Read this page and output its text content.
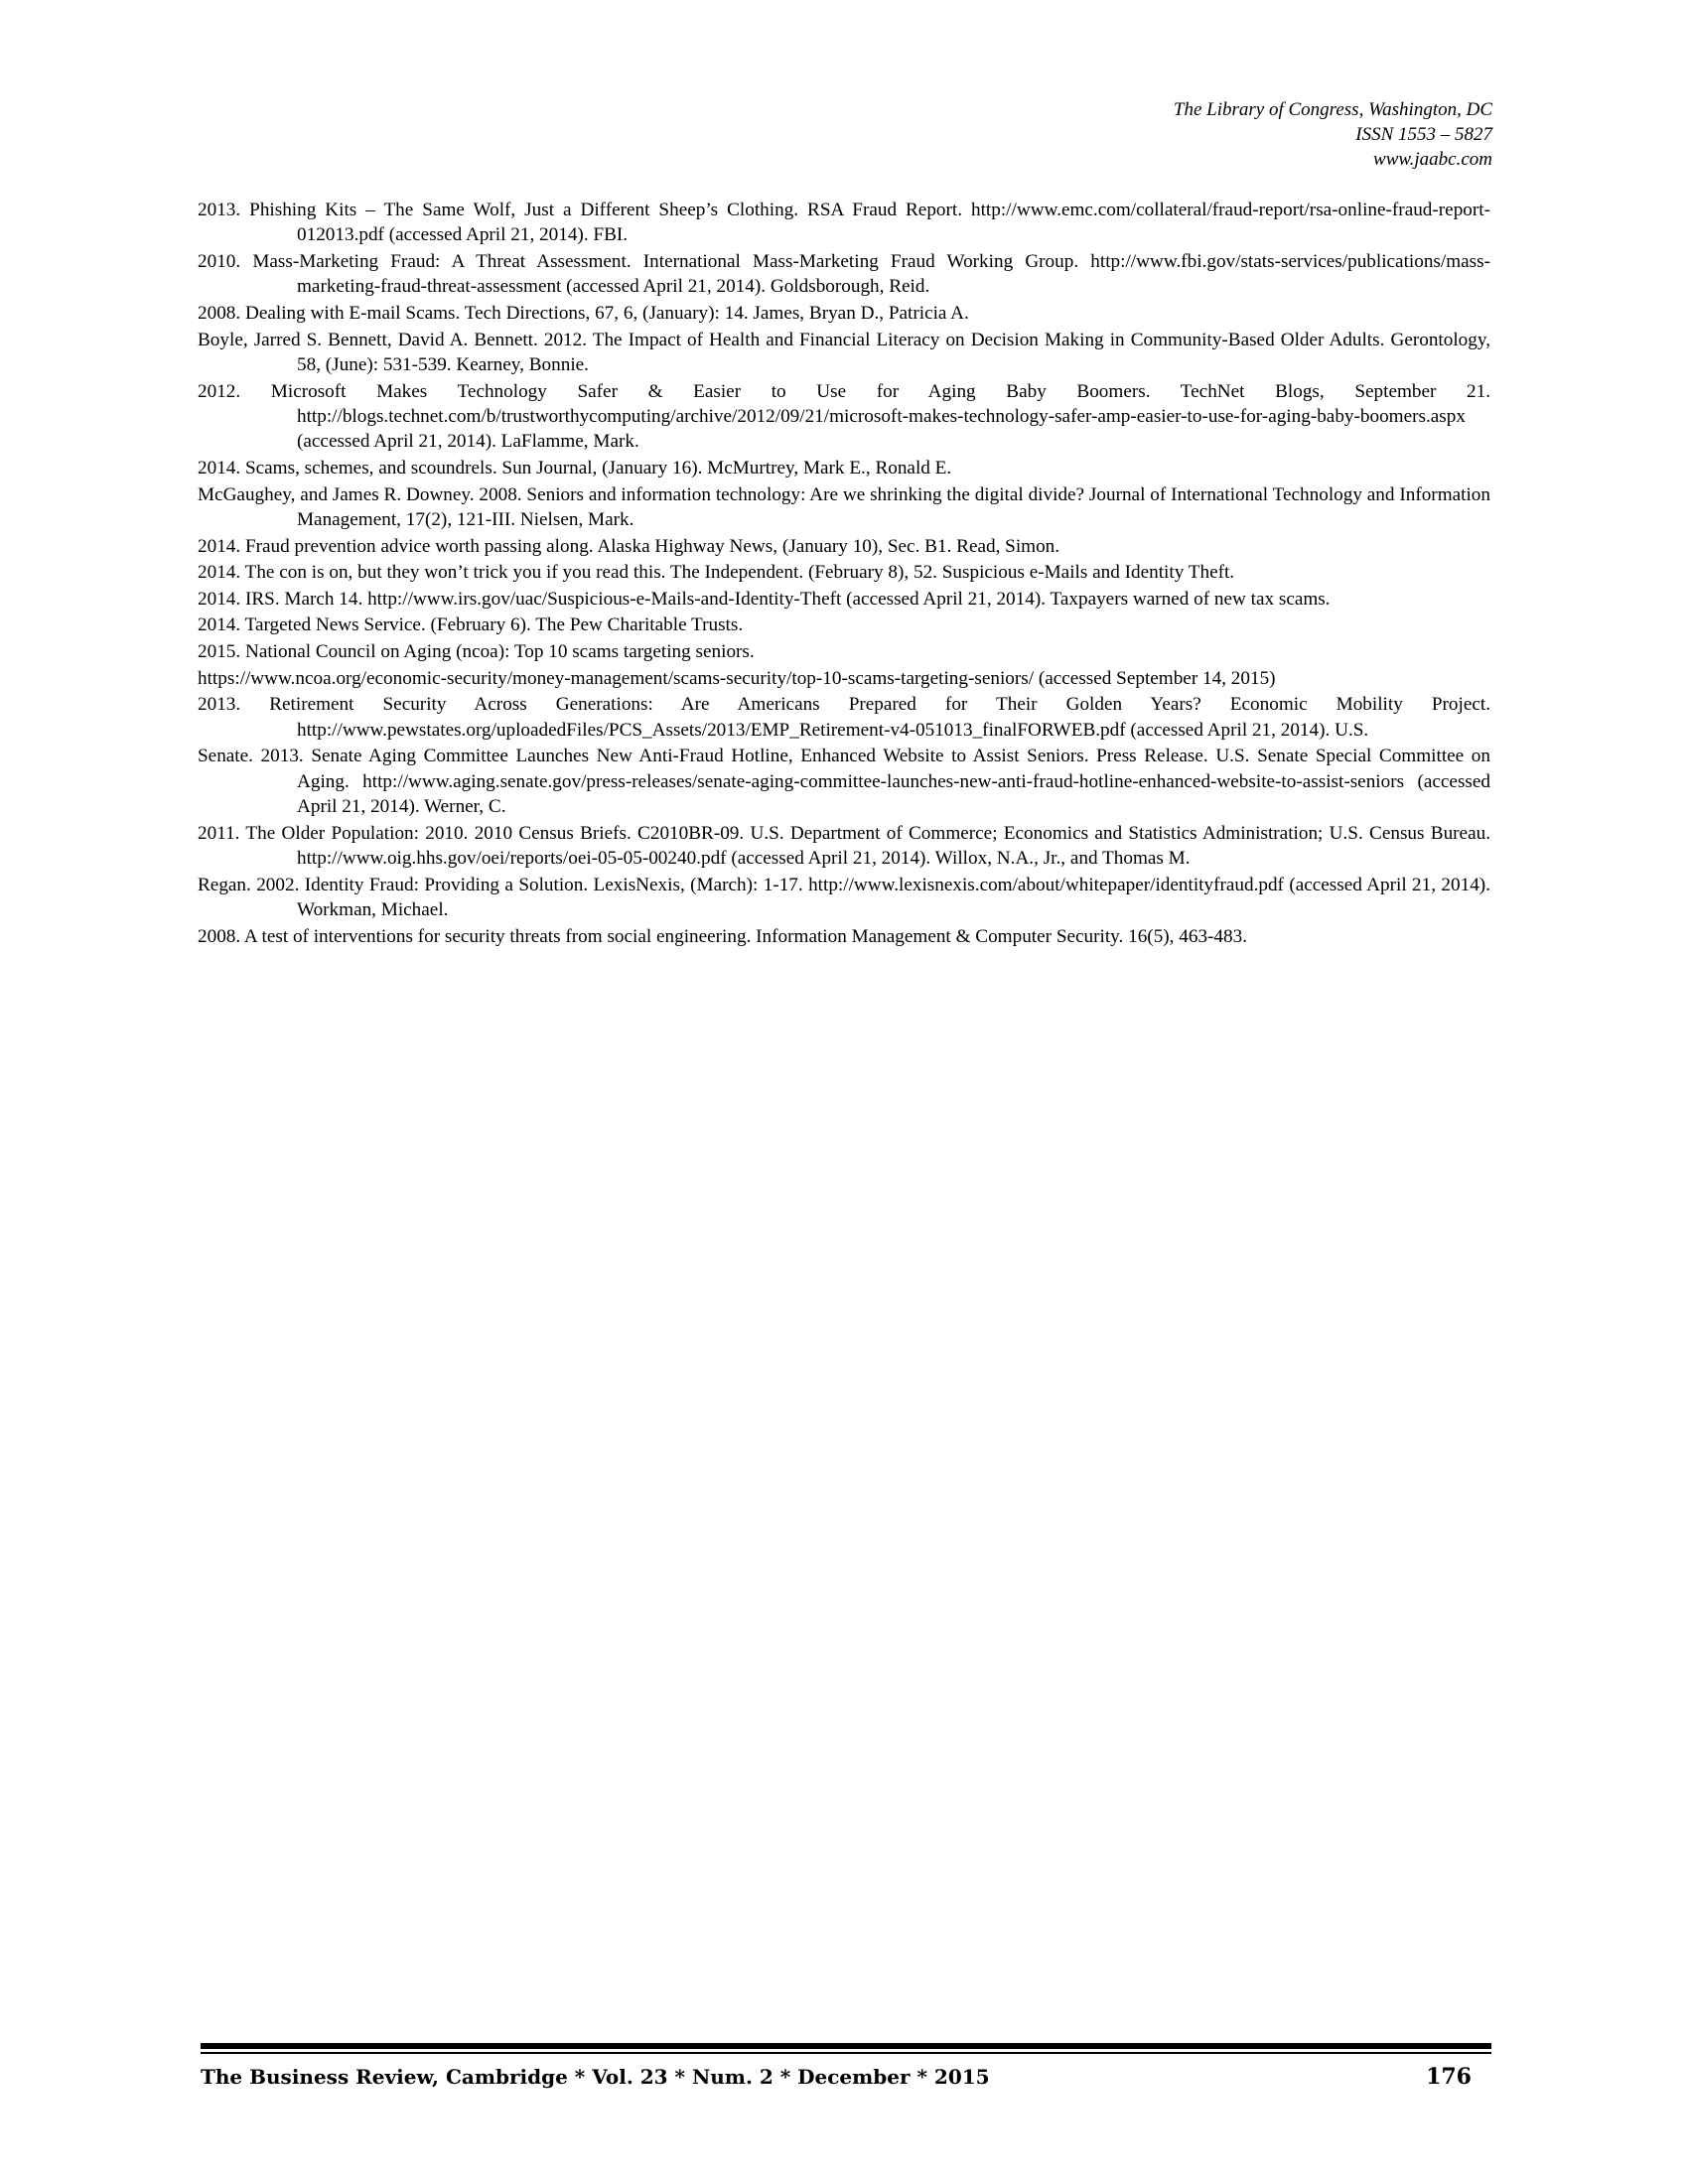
The Library of Congress, Washington, DC
ISSN 1553 – 5827
www.jaabc.com

2013. Phishing Kits – The Same Wolf, Just a Different Sheep’s Clothing. RSA Fraud Report. http://www.emc.com/collateral/fraud-report/rsa-online-fraud-report-012013.pdf (accessed April 21, 2014). FBI.

2010. Mass-Marketing Fraud: A Threat Assessment. International Mass-Marketing Fraud Working Group. http://www.fbi.gov/stats-services/publications/mass-marketing-fraud-threat-assessment (accessed April 21, 2014). Goldsborough, Reid.

2008. Dealing with E-mail Scams. Tech Directions, 67, 6, (January): 14. James, Bryan D., Patricia A.

Boyle, Jarred S. Bennett, David A. Bennett. 2012. The Impact of Health and Financial Literacy on Decision Making in Community-Based Older Adults. Gerontology, 58, (June): 531-539. Kearney, Bonnie.

2012. Microsoft Makes Technology Safer & Easier to Use for Aging Baby Boomers. TechNet Blogs, September 21. http://blogs.technet.com/b/trustworthycomputing/archive/2012/09/21/microsoft-makes-technology-safer-amp-easier-to-use-for-aging-baby-boomers.aspx (accessed April 21, 2014). LaFlamme, Mark.

2014. Scams, schemes, and scoundrels. Sun Journal, (January 16). McMurtrey, Mark E., Ronald E.

McGaughey, and James R. Downey. 2008. Seniors and information technology: Are we shrinking the digital divide? Journal of International Technology and Information Management, 17(2), 121-III. Nielsen, Mark.

2014. Fraud prevention advice worth passing along. Alaska Highway News, (January 10), Sec. B1. Read, Simon.

2014. The con is on, but they won’t trick you if you read this. The Independent. (February 8), 52. Suspicious e-Mails and Identity Theft.

2014. IRS. March 14. http://www.irs.gov/uac/Suspicious-e-Mails-and-Identity-Theft (accessed April 21, 2014). Taxpayers warned of new tax scams.

2014. Targeted News Service. (February 6). The Pew Charitable Trusts.

2015. National Council on Aging (ncoa): Top 10 scams targeting seniors.

https://www.ncoa.org/economic-security/money-management/scams-security/top-10-scams-targeting-seniors/ (accessed September 14, 2015)

2013. Retirement Security Across Generations: Are Americans Prepared for Their Golden Years? Economic Mobility Project. http://www.pewstates.org/uploadedFiles/PCS_Assets/2013/EMP_Retirement-v4-051013_finalFORWEB.pdf (accessed April 21, 2014). U.S.

Senate. 2013. Senate Aging Committee Launches New Anti-Fraud Hotline, Enhanced Website to Assist Seniors. Press Release. U.S. Senate Special Committee on Aging. http://www.aging.senate.gov/press-releases/senate-aging-committee-launches-new-anti-fraud-hotline-enhanced-website-to-assist-seniors (accessed April 21, 2014). Werner, C.

2011. The Older Population: 2010. 2010 Census Briefs. C2010BR-09. U.S. Department of Commerce; Economics and Statistics Administration; U.S. Census Bureau. http://www.oig.hhs.gov/oei/reports/oei-05-05-00240.pdf (accessed April 21, 2014). Willox, N.A., Jr., and Thomas M.

Regan. 2002. Identity Fraud: Providing a Solution. LexisNexis, (March): 1-17. http://www.lexisnexis.com/about/whitepaper/identityfraud.pdf (accessed April 21, 2014). Workman, Michael.

2008. A test of interventions for security threats from social engineering. Information Management & Computer Security. 16(5), 463-483.

The Business Review, Cambridge * Vol. 23 * Num. 2 * December * 2015	176
